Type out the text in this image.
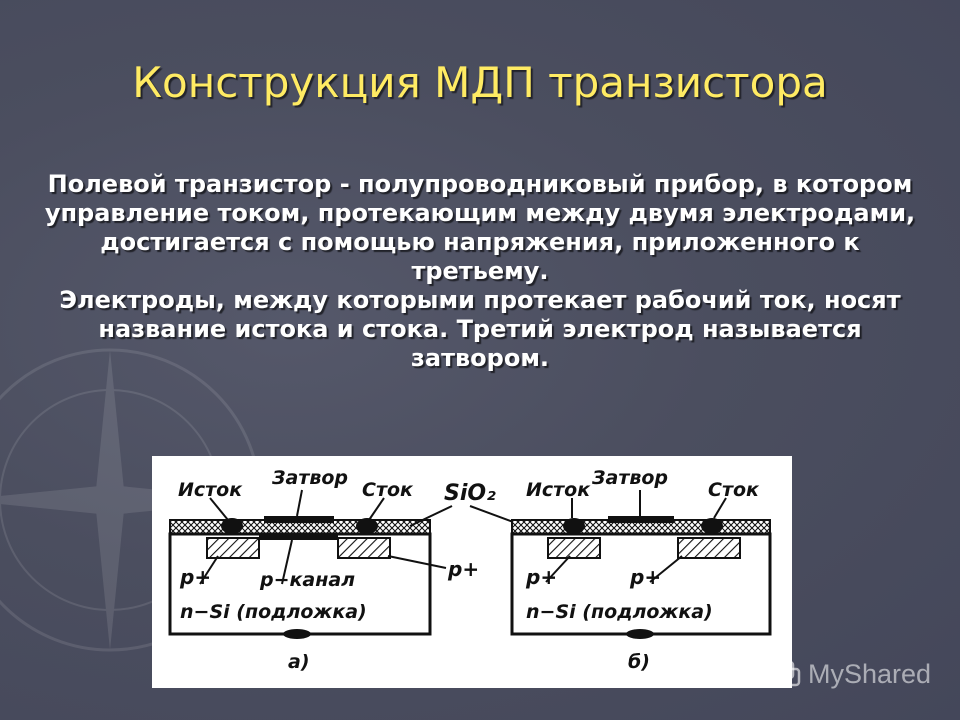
Конструкция МДП транзистора

Полевой транзистор - полупроводниковый прибор, в котором управление током, протекающим между двумя электродами, достигается с помощью напряжения, приложенного к третьему.

Электроды, между которыми протекает рабочий ток, носят название истока и стока. Третий электрод называется затвором.

Исток
Затвор
Сток
p+	p−канал
n−Si (подложка)
а)
SiO₂
p+
Исток
Затвор
Сток
p+	p+
n−Si (подложка)
б)	MyShared
